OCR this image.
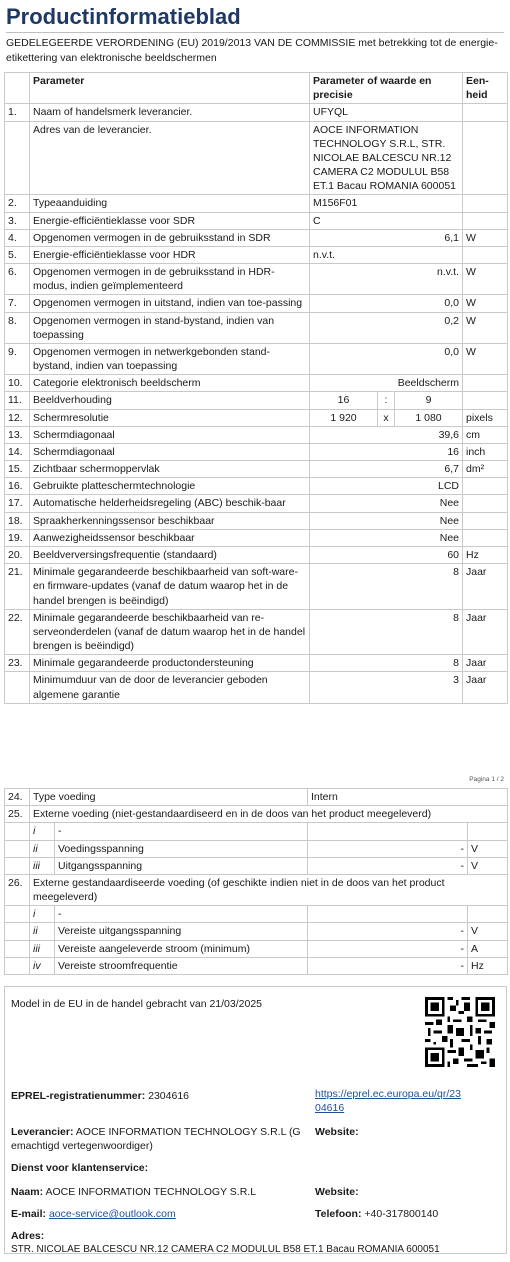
Productinformatieblad
GEDELEGEERDE VERORDENING (EU) 2019/2013 VAN DE COMMISSIE met betrekking tot de energie-etikettering van elektronische beeldschermen
	Parameter	Parameter of waarde en precisie			Een-heid
1.	Naam of handelsmerk leverancier.	UFYQL			
	Adres van de leverancier.	AOCE INFORMATION TECHNOLOGY S.R.L, STR. NICOLAE BALCESCU NR.12 CAMERA C2 MODULUL B58 ET.1 Bacau ROMANIA 600051			
2.	Typeaanduiding	M156F01			
3.	Energie-efficiëntieklasse voor SDR	C			
4.	Opgenomen vermogen in de gebruiksstand in SDR	6,1			W
5.	Energie-efficiëntieklasse voor HDR	n.v.t.			
6.	Opgenomen vermogen in de gebruiksstand in HDR-modus, indien geïmplementeerd	n.v.t.			W
7.	Opgenomen vermogen in uitstand, indien van toe-passing	0,0			W
8.	Opgenomen vermogen in stand-bystand, indien van toepassing	0,2			W
9.	Opgenomen vermogen in netwerkgebonden stand-bystand, indien van toepassing	0,0			W
10.	Categorie elektronisch beeldscherm	Beeldscherm			
11.	Beeldverhouding	16	:	9	
12.	Schermresolutie	1 920	x	1 080	pixels
13.	Schermdiagonaal	39,6			cm
14.	Schermdiagonaal	16			inch
15.	Zichtbaar schermoppervlak	6,7			dm²
16.	Gebruikte platteschermtechnologie	LCD			
17.	Automatische helderheidsregeling (ABC) beschik-baar	Nee			
18.	Spraakherkenningssensor beschikbaar	Nee			
19.	Aanwezigheidssensor beschikbaar	Nee			
20.	Beeldverversingsfrequentie (standaard)	60			Hz
21.	Minimale gegarandeerde beschikbaarheid van soft-ware- en firmware-updates (vanaf de datum waarop het in de handel brengen is beëindigd)	8			Jaar
22.	Minimale gegarandeerde beschikbaarheid van re-serveonderdelen (vanaf de datum waarop het in de handel brengen is beëindigd)	8			Jaar
23.	Minimale gegarandeerde productondersteuning	8			Jaar
	Minimumduur van de door de leverancier geboden algemene garantie	3			Jaar
Pagina 1 / 2
24.	Type voeding		Intern	
25.	Externe voeding (niet-gestandaardiseerd en in de doos van het product meegeleverd)			
	i	-		
	ii	Voedingsspanning	-	V
	iii	Uitgangsspanning	-	V
26.	Externe gestandaardiseerde voeding (of geschikte indien niet in de doos van het product meegeleverd)			
	i	-		
	ii	Vereiste uitgangsspanning	-	V
	iii	Vereiste aangeleverde stroom (minimum)	-	A
	iv	Vereiste stroomfrequentie	-	Hz
Model in de EU in de handel gebracht van 21/03/2025
EPREL-registratienummer: 2304616	https://eprel.ec.europa.eu/qr/23
04616
Leverancier: AOCE INFORMATION TECHNOLOGY S.R.L (G emachtigd vertegenwoordiger)
Website:
Dienst voor klantenservice:
Naam: AOCE INFORMATION TECHNOLOGY S.R.L	Website:
E-mail: aoce-service@outlook.com	Telefoon: +40-317800140
Adres:
STR. NICOLAE BALCESCU NR.12 CAMERA C2 MODULUL B58 ET.1 Bacau ROMANIA 600051
